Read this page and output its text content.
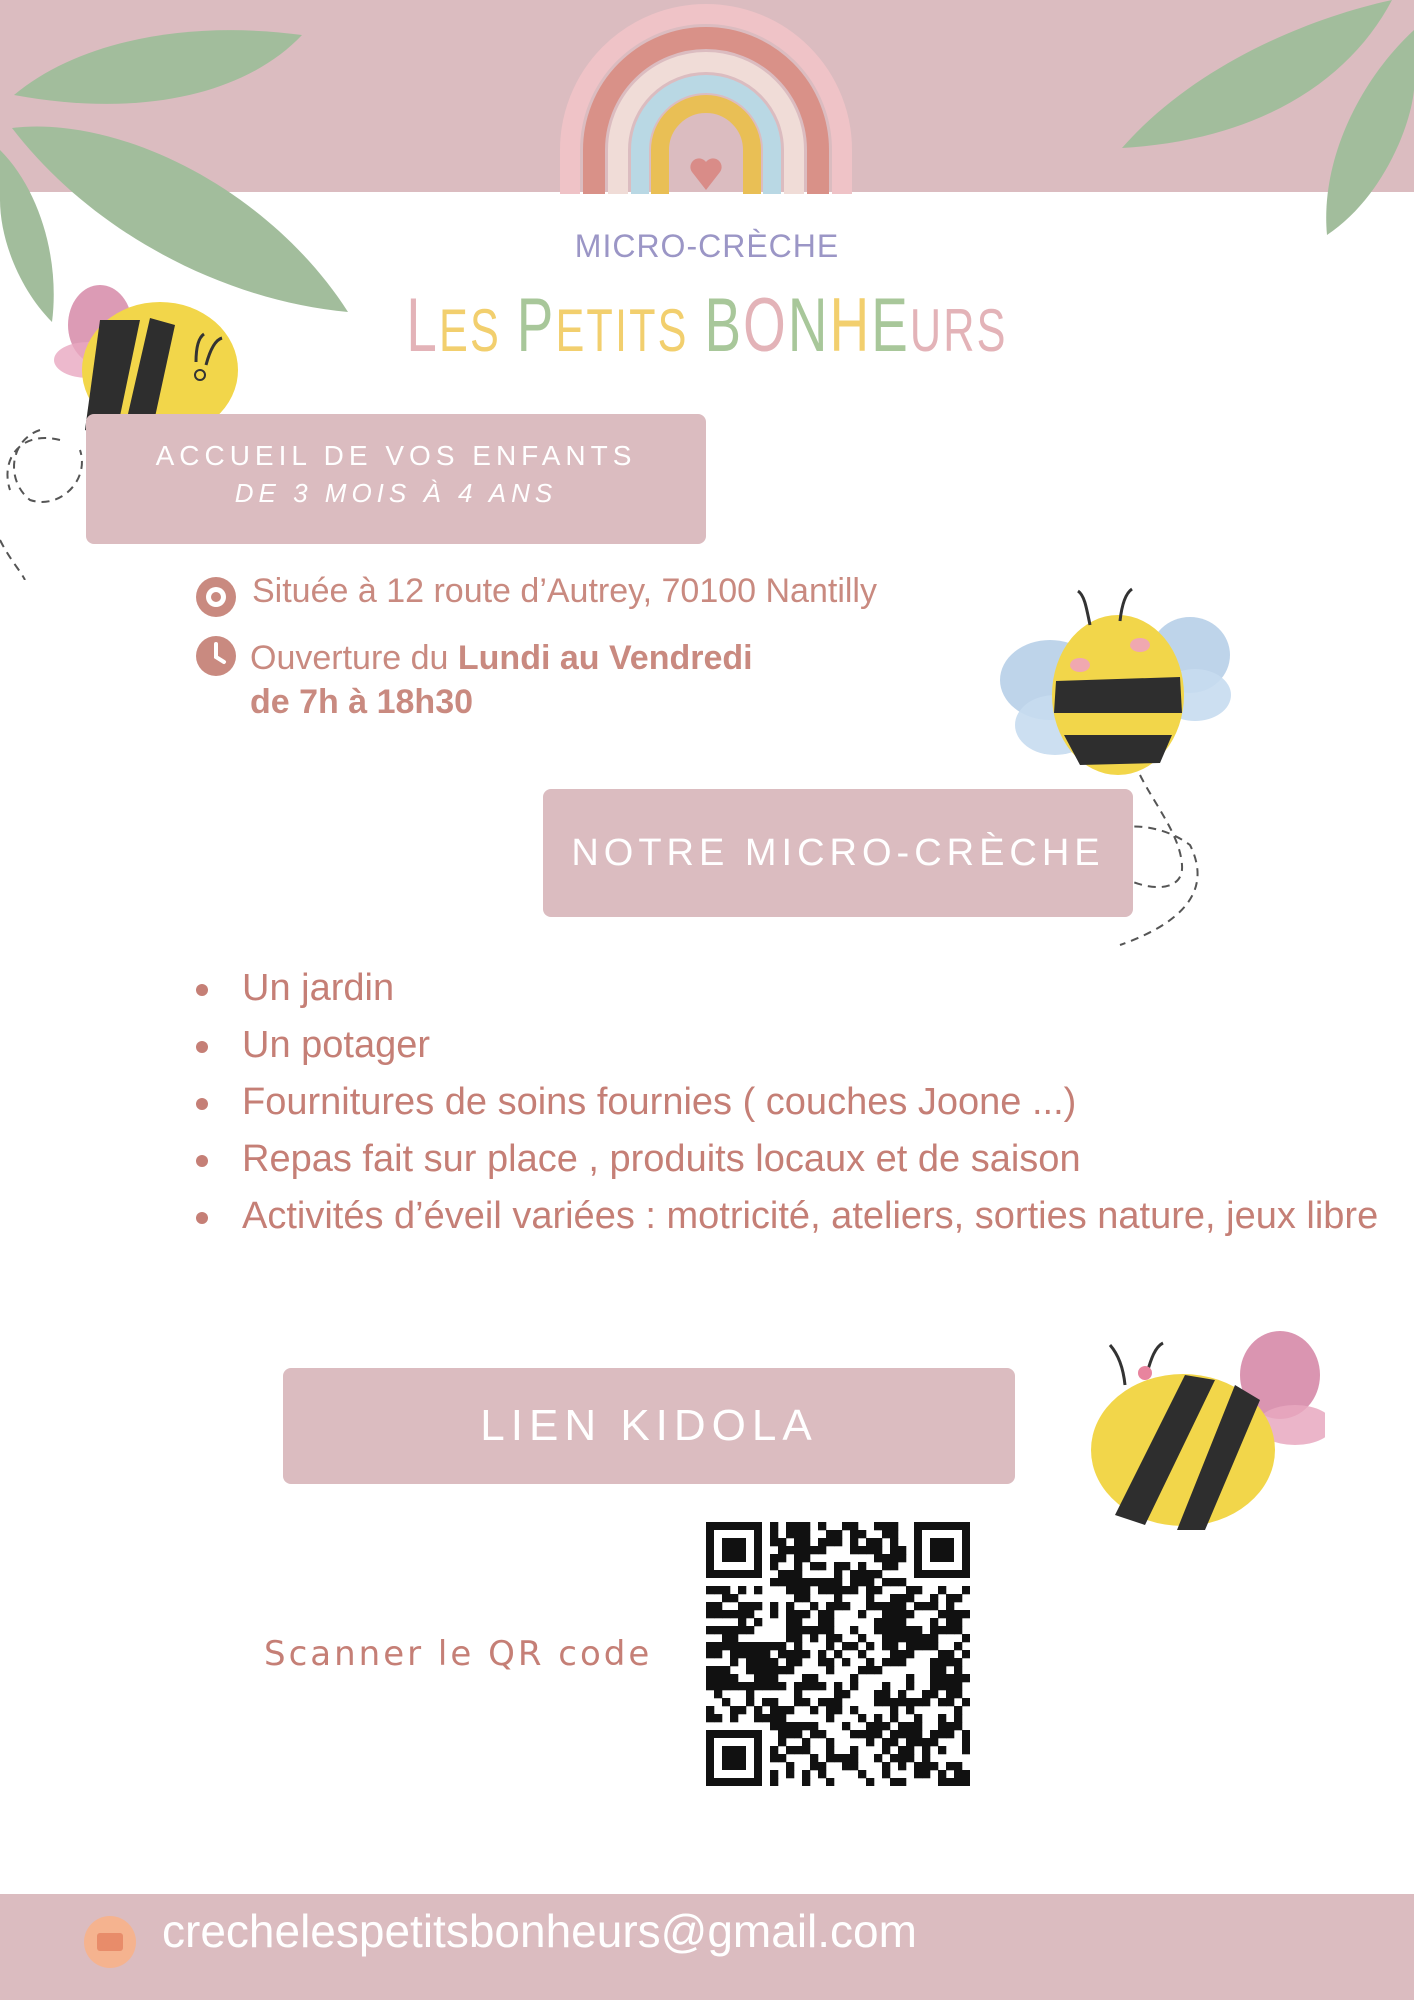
MICRO-CRÈCHE
LES PETITS BONHEURS
ACCUEIL DE VOS ENFANTS
DE 3 MOIS À 4 ANS
Située à 12 route d’Autrey, 70100 Nantilly
Ouverture du Lundi au Vendredi
de 7h à 18h30
NOTRE MICRO-CRÈCHE
Un jardin
Un potager
Fournitures de soins fournies ( couches Joone ...)
Repas fait sur place , produits locaux et de saison
Activités d’éveil variées : motricité, ateliers, sorties nature, jeux libre
LIEN KIDOLA
Scanner le QR code
crechelespetitsbonheurs@gmail.com
